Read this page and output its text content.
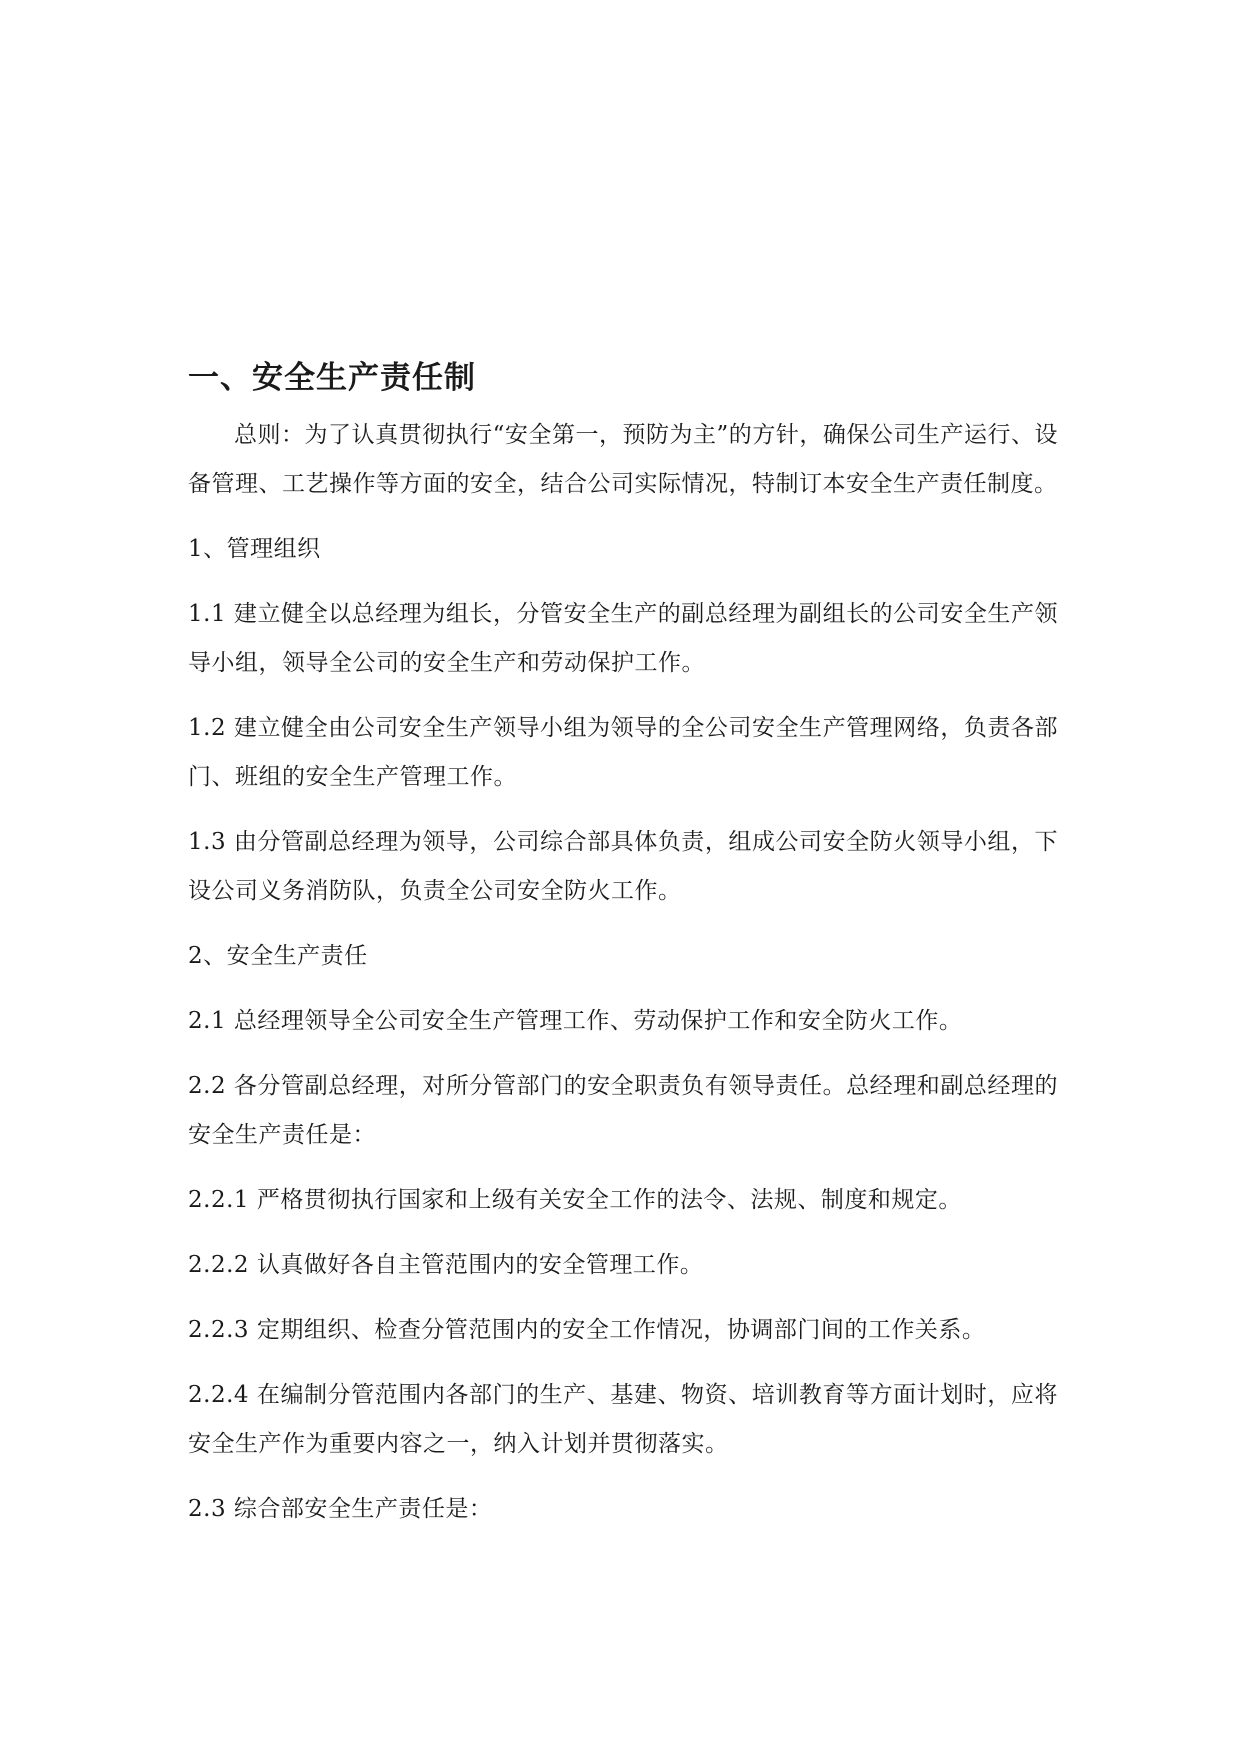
一、安全生产责任制

总则：为了认真贯彻执行“安全第一，预防为主”的方针，确保公司生产运行、设备管理、工艺操作等方面的安全，结合公司实际情况，特制订本安全生产责任制度。

1、管理组织

1.1 建立健全以总经理为组长，分管安全生产的副总经理为副组长的公司安全生产领导小组，领导全公司的安全生产和劳动保护工作。

1.2 建立健全由公司安全生产领导小组为领导的全公司安全生产管理网络，负责各部门、班组的安全生产管理工作。

1.3 由分管副总经理为领导，公司综合部具体负责，组成公司安全防火领导小组，下设公司义务消防队，负责全公司安全防火工作。

2、安全生产责任

2.1 总经理领导全公司安全生产管理工作、劳动保护工作和安全防火工作。

2.2 各分管副总经理，对所分管部门的安全职责负有领导责任。总经理和副总经理的安全生产责任是：

2.2.1 严格贯彻执行国家和上级有关安全工作的法令、法规、制度和规定。

2.2.2 认真做好各自主管范围内的安全管理工作。

2.2.3 定期组织、检查分管范围内的安全工作情况，协调部门间的工作关系。

2.2.4 在编制分管范围内各部门的生产、基建、物资、培训教育等方面计划时，应将安全生产作为重要内容之一，纳入计划并贯彻落实。

2.3 综合部安全生产责任是：
